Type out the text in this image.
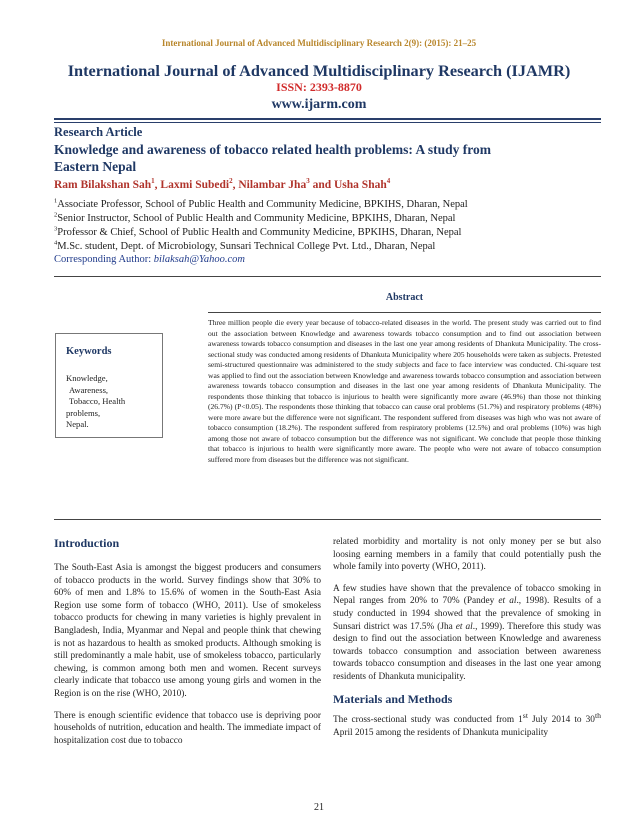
International Journal of Advanced Multidisciplinary Research 2(9): (2015): 21–25
International Journal of Advanced Multidisciplinary Research (IJAMR)
ISSN: 2393-8870
www.ijarm.com
Research Article
Knowledge and awareness of tobacco related health problems: A study from Eastern Nepal
Ram Bilakshan Sah$^1$, Laxmi Subedi$^2$, Nilambar Jha$^3$ and Usha Shah$^4$
$^1$Associate Professor, School of Public Health and Community Medicine, BPKIHS, Dharan, Nepal
$^2$Senior Instructor, School of Public Health and Community Medicine, BPKIHS, Dharan, Nepal
$^3$Professor & Chief, School of Public Health and Community Medicine, BPKIHS, Dharan, Nepal
$^4$M.Sc. student, Dept. of Microbiology, Sunsari Technical College Pvt. Ltd., Dharan, Nepal
Corresponding Author: bilaksah@Yahoo.com
Abstract
Three million people die every year because of tobacco-related diseases in the world. The present study was carried out to find out the association between Knowledge and awareness towards tobacco consumption and to find out association between awareness towards tobacco consumption and diseases in the last one year among residents of Dhankuta Municipality. The cross-sectional study was conducted among residents of Dhankuta Municipality where 205 households were taken as subjects. Pretested semi-structured questionnaire was administered to the study subjects and face to face interview was conducted. Chi-square test was applied to find out the association between Knowledge and awareness towards tobacco consumption and association between awareness towards tobacco consumption and diseases in the last one year among residents of Dhankuta Municipality. The respondents those thinking that tobacco is injurious to health were significantly more aware (46.9%) than those not thinking (26.7%) (P<0.05). The respondents those thinking that tobacco can cause oral problems (51.7%) and respiratory problems (48%) were more aware but the difference were not significant. The respondent suffered from diseases was high who was not aware of tobacco consumption (18.2%). The respondent suffered from respiratory problems (12.5%) and oral problems (10%) was high among those not aware of tobacco consumption but the difference was not significant. We conclude that people those thinking that tobacco is injurious to health were significantly more aware. The people who were not aware of tobacco consumption suffered more from diseases but the difference was not significant.
Keywords
Knowledge,
Awareness,
Tobacco, Health
problems,
Nepal.
Introduction

The South-East Asia is amongst the biggest producers and consumers of tobacco products in the world. Survey findings show that 30% to 60% of men and 1.8% to 15.6% of women in the South-East Asia Region use some form of tobacco (WHO, 2011). Use of smokeless tobacco products for chewing in many varieties is highly prevalent in Bangladesh, India, Myanmar and Nepal and people think that chewing is not as hazardous to health as smoked products. Although smoking is still predominantly a male habit, use of smokeless tobacco, particularly chewing, is common among both men and women. Recent surveys clearly indicate that tobacco use among young girls and women in the Region is on the rise (WHO, 2010).

There is enough scientific evidence that tobacco use is depriving poor households of nutrition, education and health. The immediate impact of hospitalization cost due to tobacco

related morbidity and mortality is not only money per se but also loosing earning members in a family that could potentially push the whole family into poverty (WHO, 2011).

A few studies have shown that the prevalence of tobacco smoking in Nepal ranges from 20% to 70% (Pandey et al., 1998). Results of a study conducted in 1994 showed that the prevalence of smoking in Sunsari district was 17.5% (Jha et al., 1999). Therefore this study was design to find out the association between Knowledge and awareness towards tobacco consumption and association between awareness towards tobacco consumption and diseases in the last one year among residents of Dhankuta municipality.

Materials and Methods

The cross-sectional study was conducted from 1st July 2014 to 30th April 2015 among the residents of Dhankuta municipality

21
